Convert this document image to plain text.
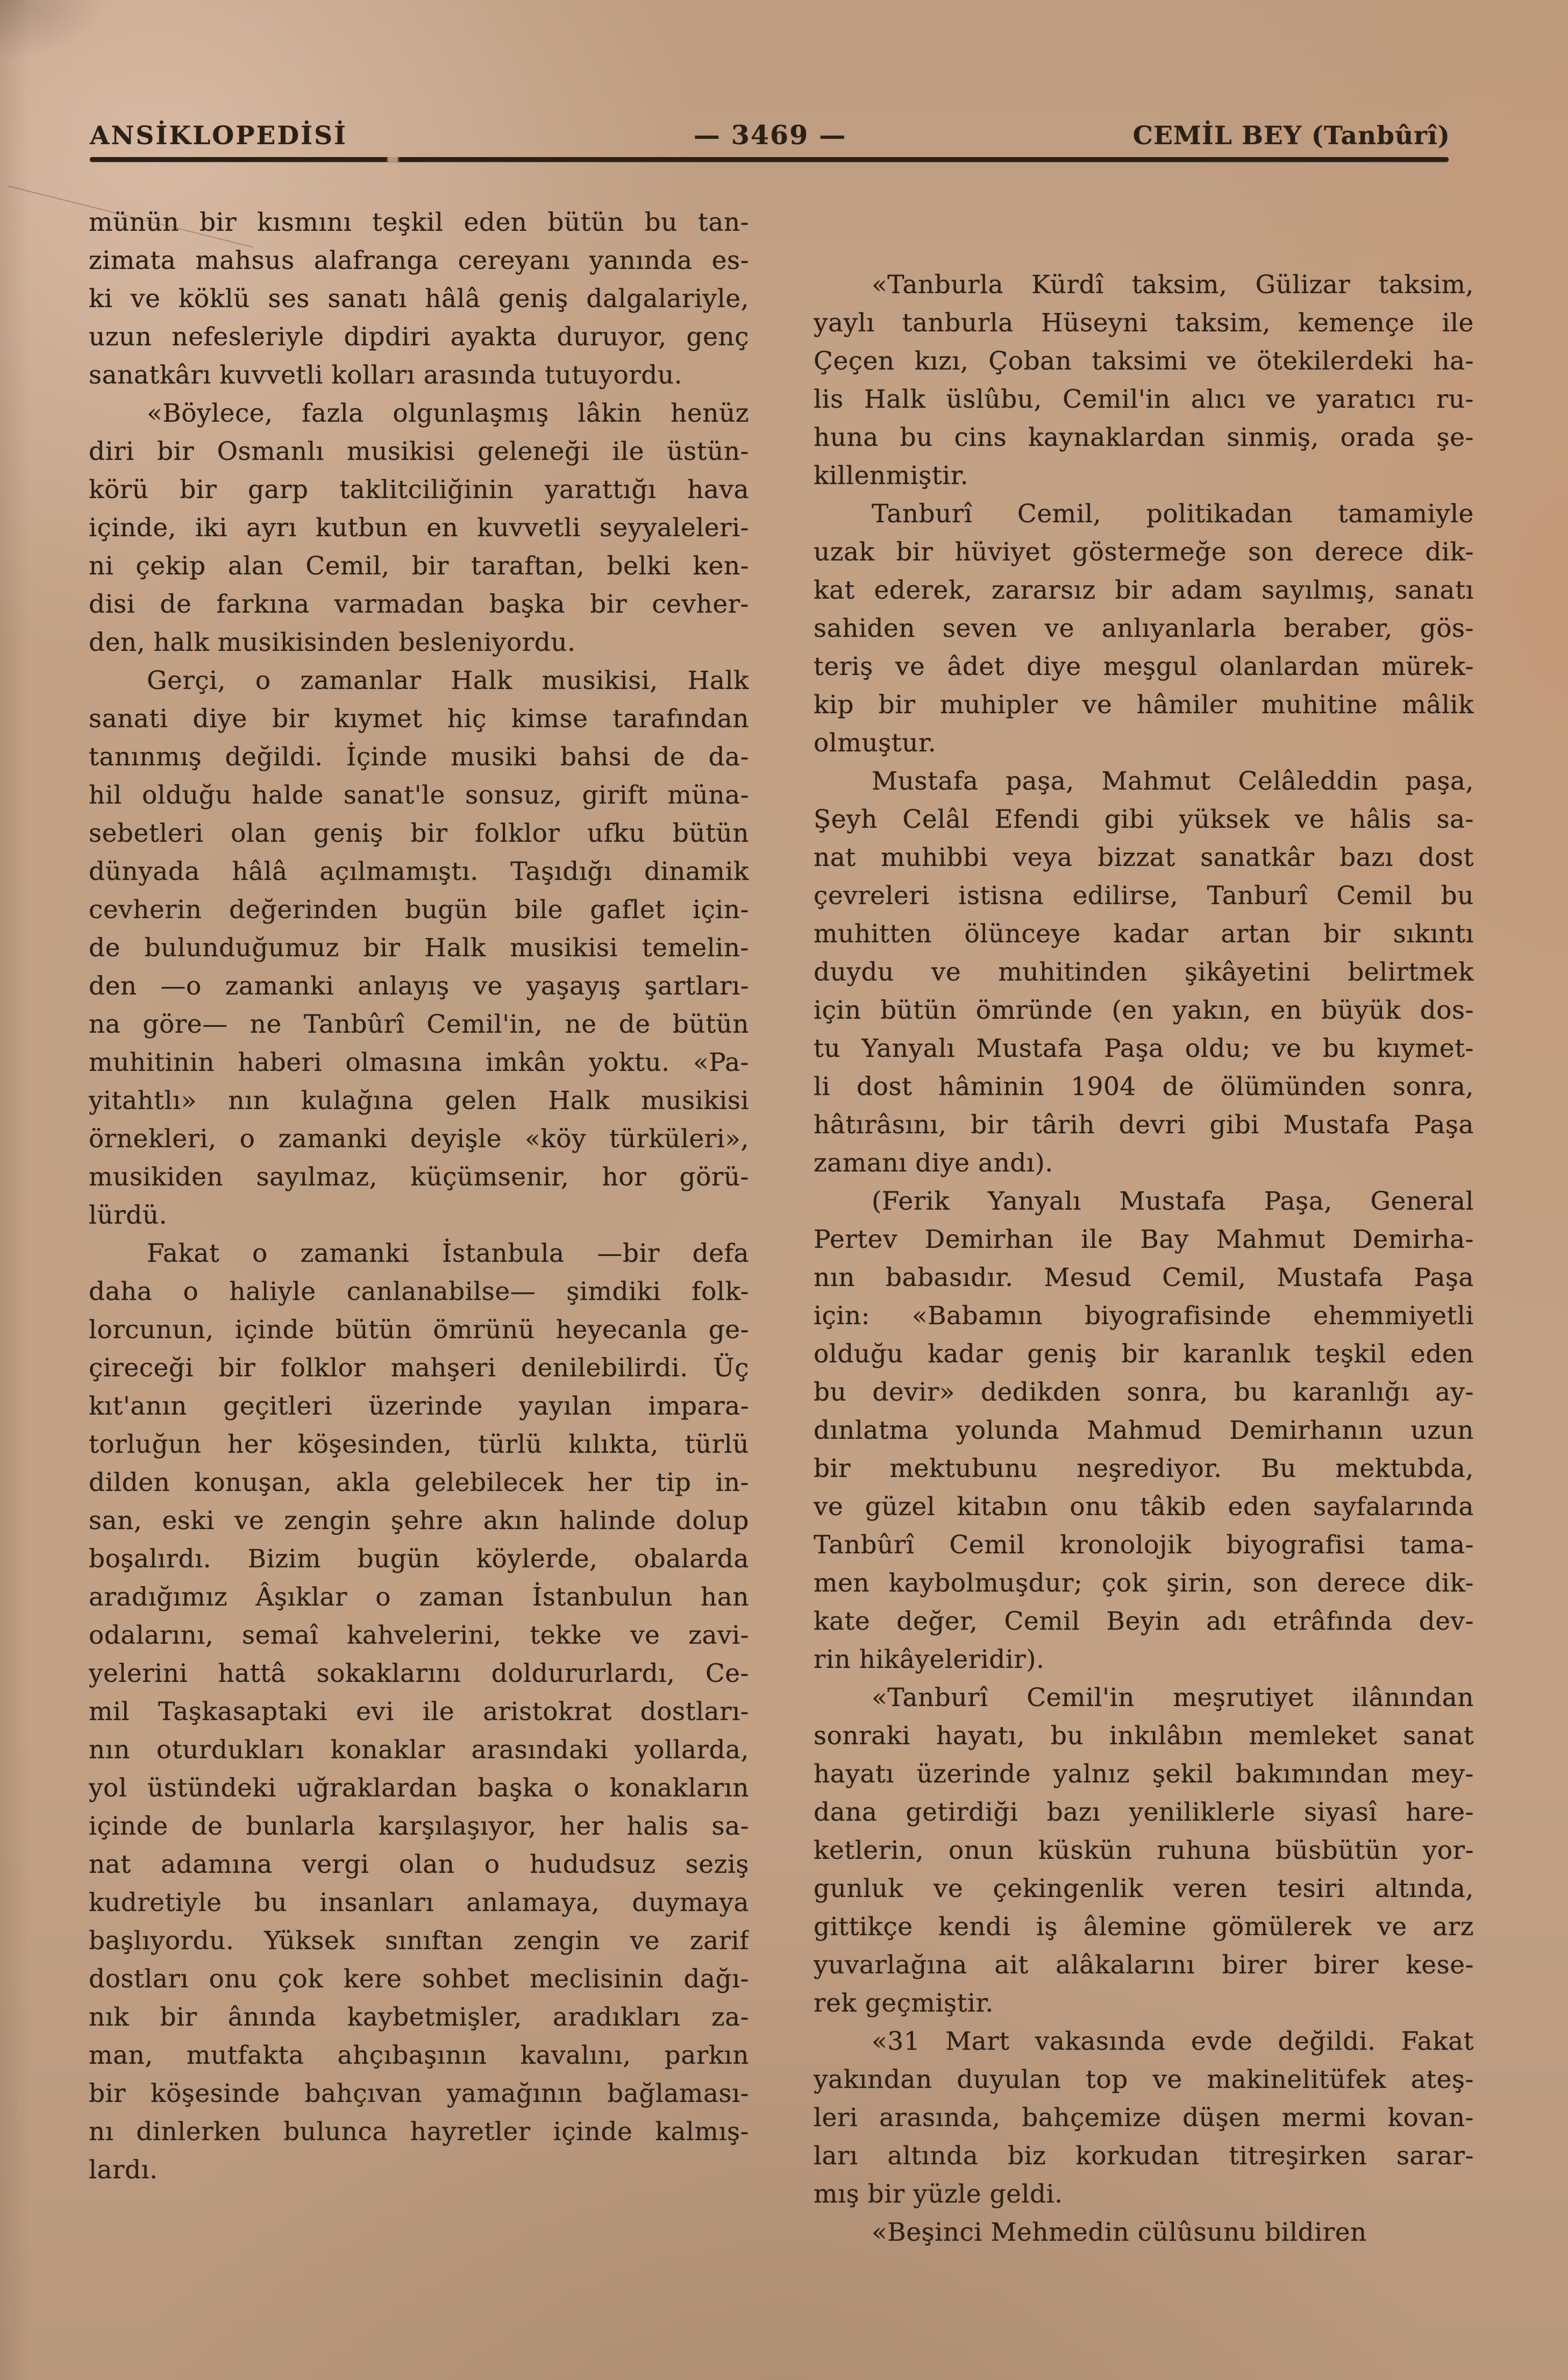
ANSİKLOPEDİSİ	— 3469 —	CEMİL BEY (Tanbûrî)
münün bir kısmını teşkil eden bütün bu tan-
zimata mahsus alafranga cereyanı yanında es-
ki ve köklü ses sanatı hâlâ geniş dalgalariyle,
uzun nefesleriyle dipdiri ayakta duruyor, genç
sanatkârı kuvvetli kolları arasında tutuyordu.
«Böylece, fazla olgunlaşmış lâkin henüz
diri bir Osmanlı musikisi geleneği ile üstün-
körü bir garp taklitciliğinin yarattığı hava
içinde, iki ayrı kutbun en kuvvetli seyyaleleri-
ni çekip alan Cemil, bir taraftan, belki ken-
disi de farkına varmadan başka bir cevher-
den, halk musikisinden besleniyordu.
Gerçi, o zamanlar Halk musikisi, Halk
sanati diye bir kıymet hiç kimse tarafından
tanınmış değildi. İçinde musiki bahsi de da-
hil olduğu halde sanat'le sonsuz, girift müna-
sebetleri olan geniş bir folklor ufku bütün
dünyada hâlâ açılmamıştı. Taşıdığı dinamik
cevherin değerinden bugün bile gaflet için-
de bulunduğumuz bir Halk musikisi temelin-
den —o zamanki anlayış ve yaşayış şartları-
na göre— ne Tanbûrî Cemil'in, ne de bütün
muhitinin haberi olmasına imkân yoktu. «Pa-
yitahtlı» nın kulağına gelen Halk musikisi
örnekleri, o zamanki deyişle «köy türküleri»,
musikiden sayılmaz, küçümsenir, hor görü-
lürdü.
Fakat o zamanki İstanbula —bir defa
daha o haliyle canlanabilse— şimdiki folk-
lorcunun, içinde bütün ömrünü heyecanla ge-
çireceği bir folklor mahşeri denilebilirdi. Üç
kıt'anın geçitleri üzerinde yayılan impara-
torluğun her köşesinden, türlü kılıkta, türlü
dilden konuşan, akla gelebilecek her tip in-
san, eski ve zengin şehre akın halinde dolup
boşalırdı. Bizim bugün köylerde, obalarda
aradığımız Âşıklar o zaman İstanbulun han
odalarını, semaî kahvelerini, tekke ve zavi-
yelerini hattâ sokaklarını doldururlardı, Ce-
mil Taşkasaptaki evi ile aristokrat dostları-
nın oturdukları konaklar arasındaki yollarda,
yol üstündeki uğraklardan başka o konakların
içinde de bunlarla karşılaşıyor, her halis sa-
nat adamına vergi olan o hududsuz seziş
kudretiyle bu insanları anlamaya, duymaya
başlıyordu. Yüksek sınıftan zengin ve zarif
dostları onu çok kere sohbet meclisinin dağı-
nık bir ânında kaybetmişler, aradıkları za-
man, mutfakta ahçıbaşının kavalını, parkın
bir köşesinde bahçıvan yamağının bağlaması-
nı dinlerken bulunca hayretler içinde kalmış-
lardı.
«Tanburla Kürdî taksim, Gülizar taksim,
yaylı tanburla Hüseyni taksim, kemençe ile
Çeçen kızı, Çoban taksimi ve ötekilerdeki ha-
lis Halk üslûbu, Cemil'in alıcı ve yaratıcı ru-
huna bu cins kaynaklardan sinmiş, orada şe-
killenmiştir.
Tanburî Cemil, politikadan tamamiyle
uzak bir hüviyet göstermeğe son derece dik-
kat ederek, zararsız bir adam sayılmış, sanatı
sahiden seven ve anlıyanlarla beraber, gös-
teriş ve âdet diye meşgul olanlardan mürek-
kip bir muhipler ve hâmiler muhitine mâlik
olmuştur.
Mustafa paşa, Mahmut Celâleddin paşa,
Şeyh Celâl Efendi gibi yüksek ve hâlis sa-
nat muhibbi veya bizzat sanatkâr bazı dost
çevreleri istisna edilirse, Tanburî Cemil bu
muhitten ölünceye kadar artan bir sıkıntı
duydu ve muhitinden şikâyetini belirtmek
için bütün ömründe (en yakın, en büyük dos-
tu Yanyalı Mustafa Paşa oldu; ve bu kıymet-
li dost hâminin 1904 de ölümünden sonra,
hâtırâsını, bir târih devri gibi Mustafa Paşa
zamanı diye andı).
(Ferik Yanyalı Mustafa Paşa, General
Pertev Demirhan ile Bay Mahmut Demirha-
nın babasıdır. Mesud Cemil, Mustafa Paşa
için: «Babamın biyografisinde ehemmiyetli
olduğu kadar geniş bir karanlık teşkil eden
bu devir» dedikden sonra, bu karanlığı ay-
dınlatma yolunda Mahmud Demirhanın uzun
bir mektubunu neşrediyor. Bu mektubda,
ve güzel kitabın onu tâkib eden sayfalarında
Tanbûrî Cemil kronolojik biyografisi tama-
men kaybolmuşdur; çok şirin, son derece dik-
kate değer, Cemil Beyin adı etrâfında dev-
rin hikâyeleridir).
«Tanburî Cemil'in meşrutiyet ilânından
sonraki hayatı, bu inkılâbın memleket sanat
hayatı üzerinde yalnız şekil bakımından mey-
dana getirdiği bazı yeniliklerle siyasî hare-
ketlerin, onun küskün ruhuna büsbütün yor-
gunluk ve çekingenlik veren tesiri altında,
gittikçe kendi iş âlemine gömülerek ve arz
yuvarlağına ait alâkalarını birer birer kese-
rek geçmiştir.
«31 Mart vakasında evde değildi. Fakat
yakından duyulan top ve makinelitüfek ateş-
leri arasında, bahçemize düşen mermi kovan-
ları altında biz korkudan titreşirken sarar-
mış bir yüzle geldi.
«Beşinci Mehmedin cülûsunu bildiren
